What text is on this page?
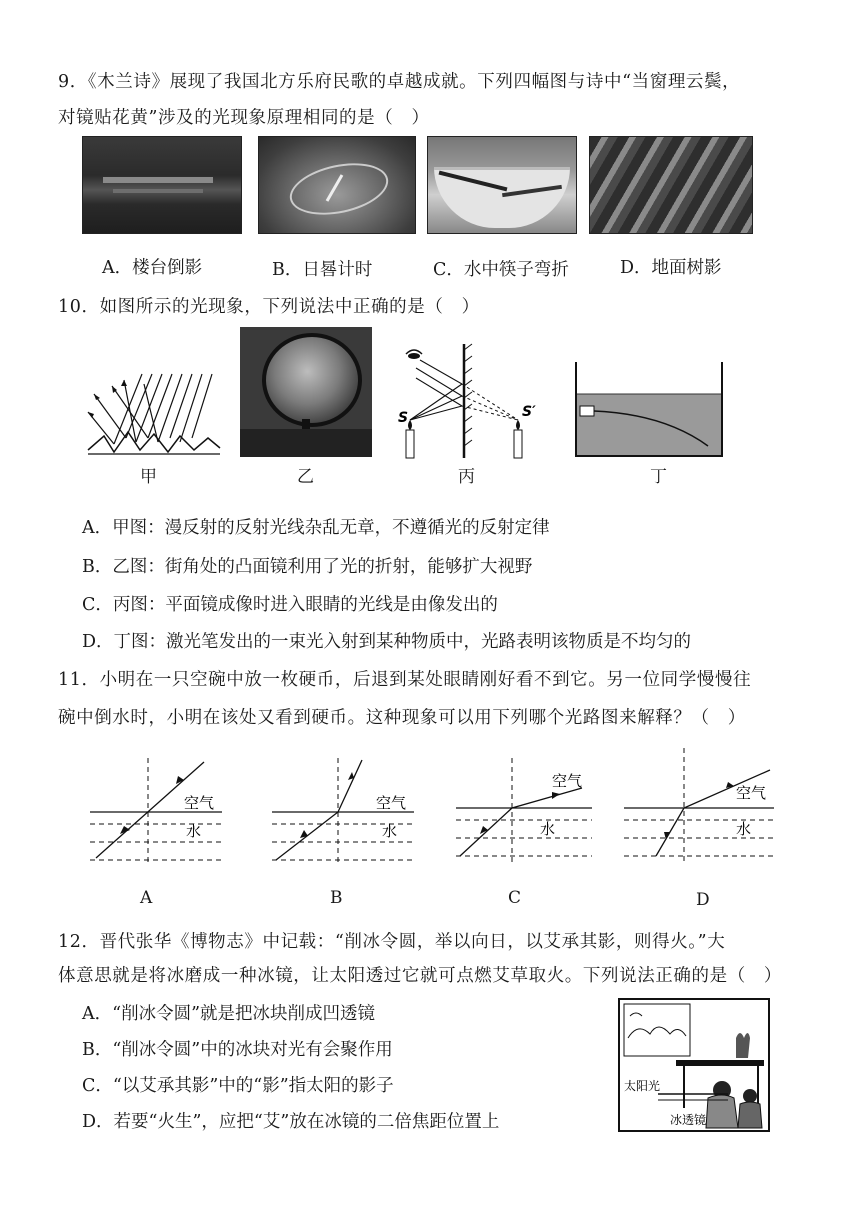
9．《木兰诗》展现了我国北方乐府民歌的卓越成就。下列四幅图与诗中“当窗理云鬓，
对镜贴花黄”涉及的光现象原理相同的是（　）
A．楼台倒影	B．日晷计时	C．水中筷子弯折	D．地面树影
10．如图所示的光现象，下列说法中正确的是（　）
甲	乙
S	S′
丙	丁
A．甲图：漫反射的反射光线杂乱无章，不遵循光的反射定律
B．乙图：街角处的凸面镜利用了光的折射，能够扩大视野
C．丙图：平面镜成像时进入眼睛的光线是由像发出的
D．丁图：激光笔发出的一束光入射到某种物质中，光路表明该物质是不均匀的
11．小明在一只空碗中放一枚硬币，后退到某处眼睛刚好看不到它。另一位同学慢慢往
碗中倒水时，小明在该处又看到硬币。这种现象可以用下列哪个光路图来解释？（　）
空气
水
A
空气
水
B
空气
水
C
空气
水
D
12．晋代张华《博物志》中记载：“削冰令圆，举以向日，以艾承其影，则得火。”大
体意思就是将冰磨成一种冰镜，让太阳透过它就可点燃艾草取火。下列说法正确的是（　）
A．“削冰令圆”就是把冰块削成凹透镜
B．“削冰令圆”中的冰块对光有会聚作用
C．“以艾承其影”中的“影”指太阳的影子
D．若要“火生”，应把“艾”放在冰镜的二倍焦距位置上
太阳光
冰透镜
